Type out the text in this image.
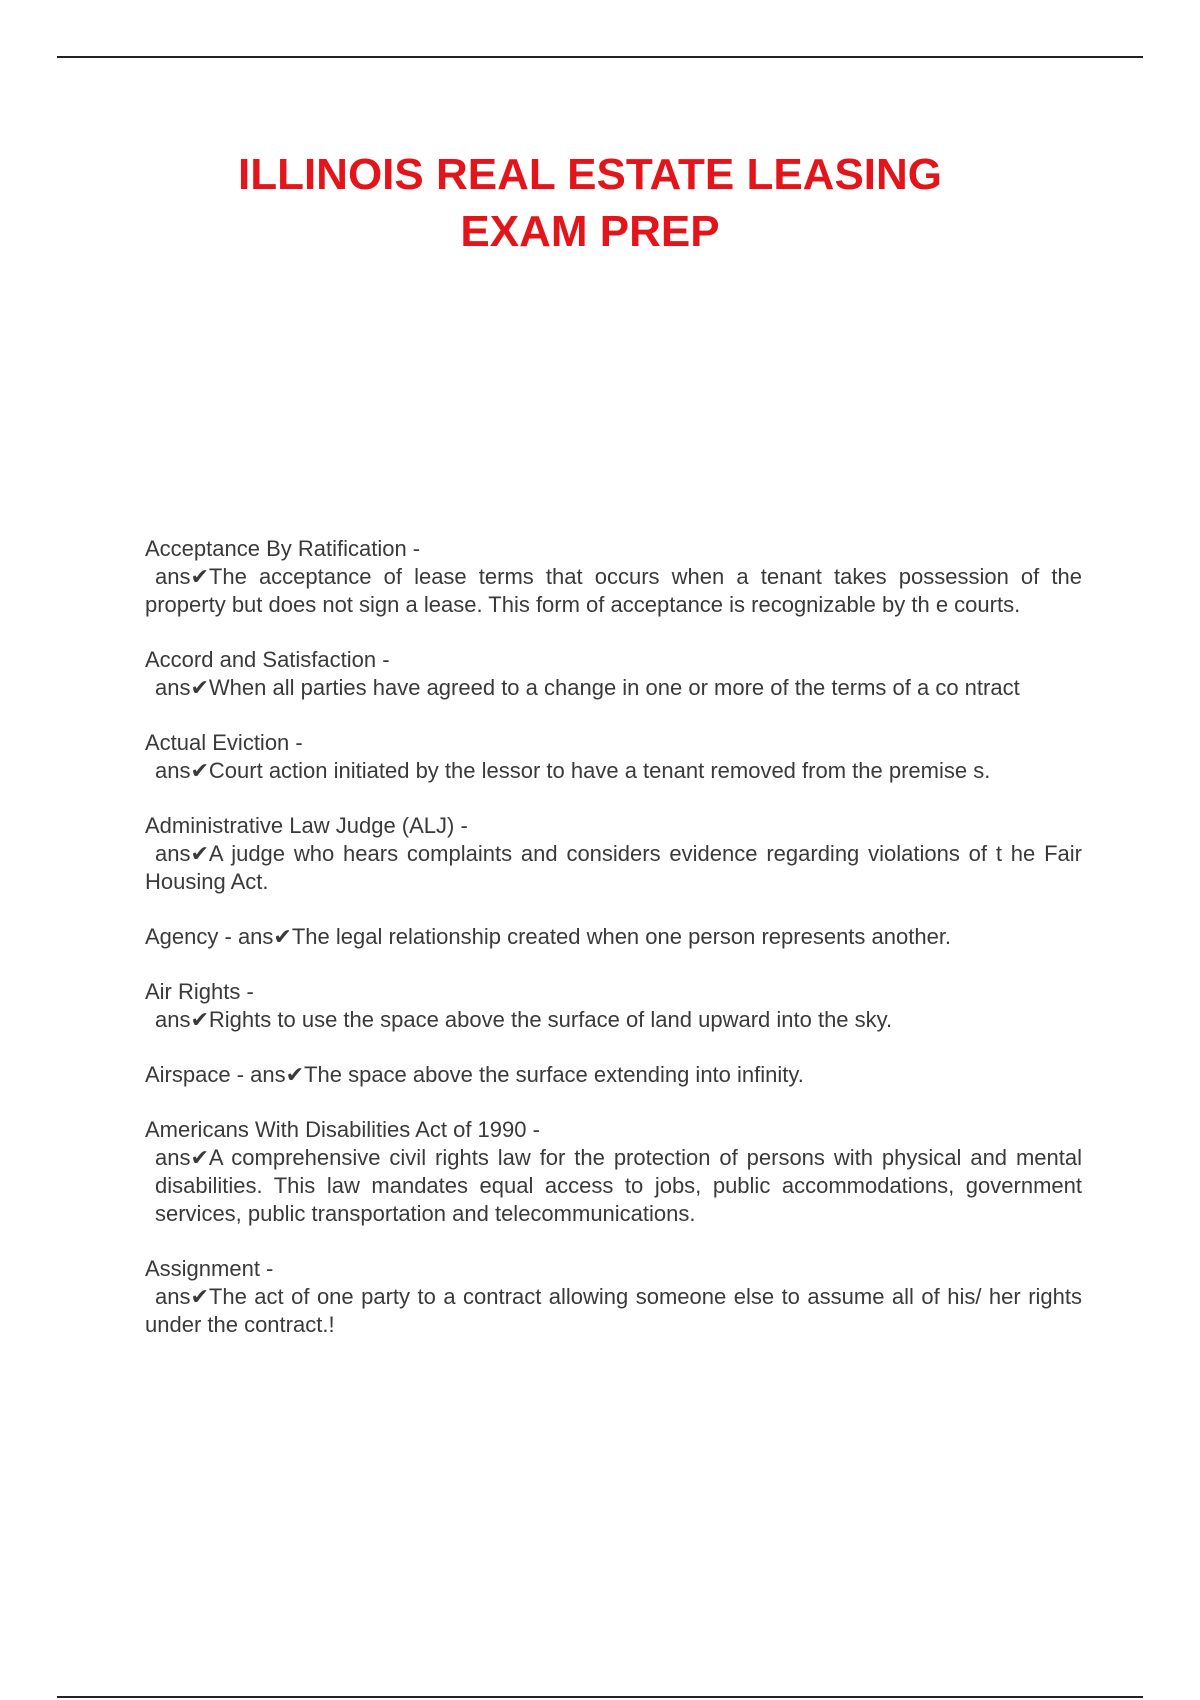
ILLINOIS REAL ESTATE LEASING
EXAM PREP
Acceptance By Ratification -
ans✔The acceptance of lease terms that occurs when a tenant takes possession of the property but does not sign a lease. This form of acceptance is recognizable by th e courts.
Accord and Satisfaction -
ans✔When all parties have agreed to a change in one or more of the terms of a co ntract
Actual Eviction -
ans✔Court action initiated by the lessor to have a tenant removed from the premise s.
Administrative Law Judge (ALJ) -
ans✔A judge who hears complaints and considers evidence regarding violations of t he Fair Housing Act.
Agency - ans✔The legal relationship created when one person represents another.
Air Rights -
ans✔Rights to use the space above the surface of land upward into the sky.
Airspace - ans✔The space above the surface extending into infinity.
Americans With Disabilities Act of 1990 -
ans✔A comprehensive civil rights law for the protection of persons with physical and mental disabilities. This law mandates equal access to jobs, public accommodations, government services, public transportation and telecommunications.
Assignment -
ans✔The act of one party to a contract allowing someone else to assume all of his/ her rights under the contract.!
